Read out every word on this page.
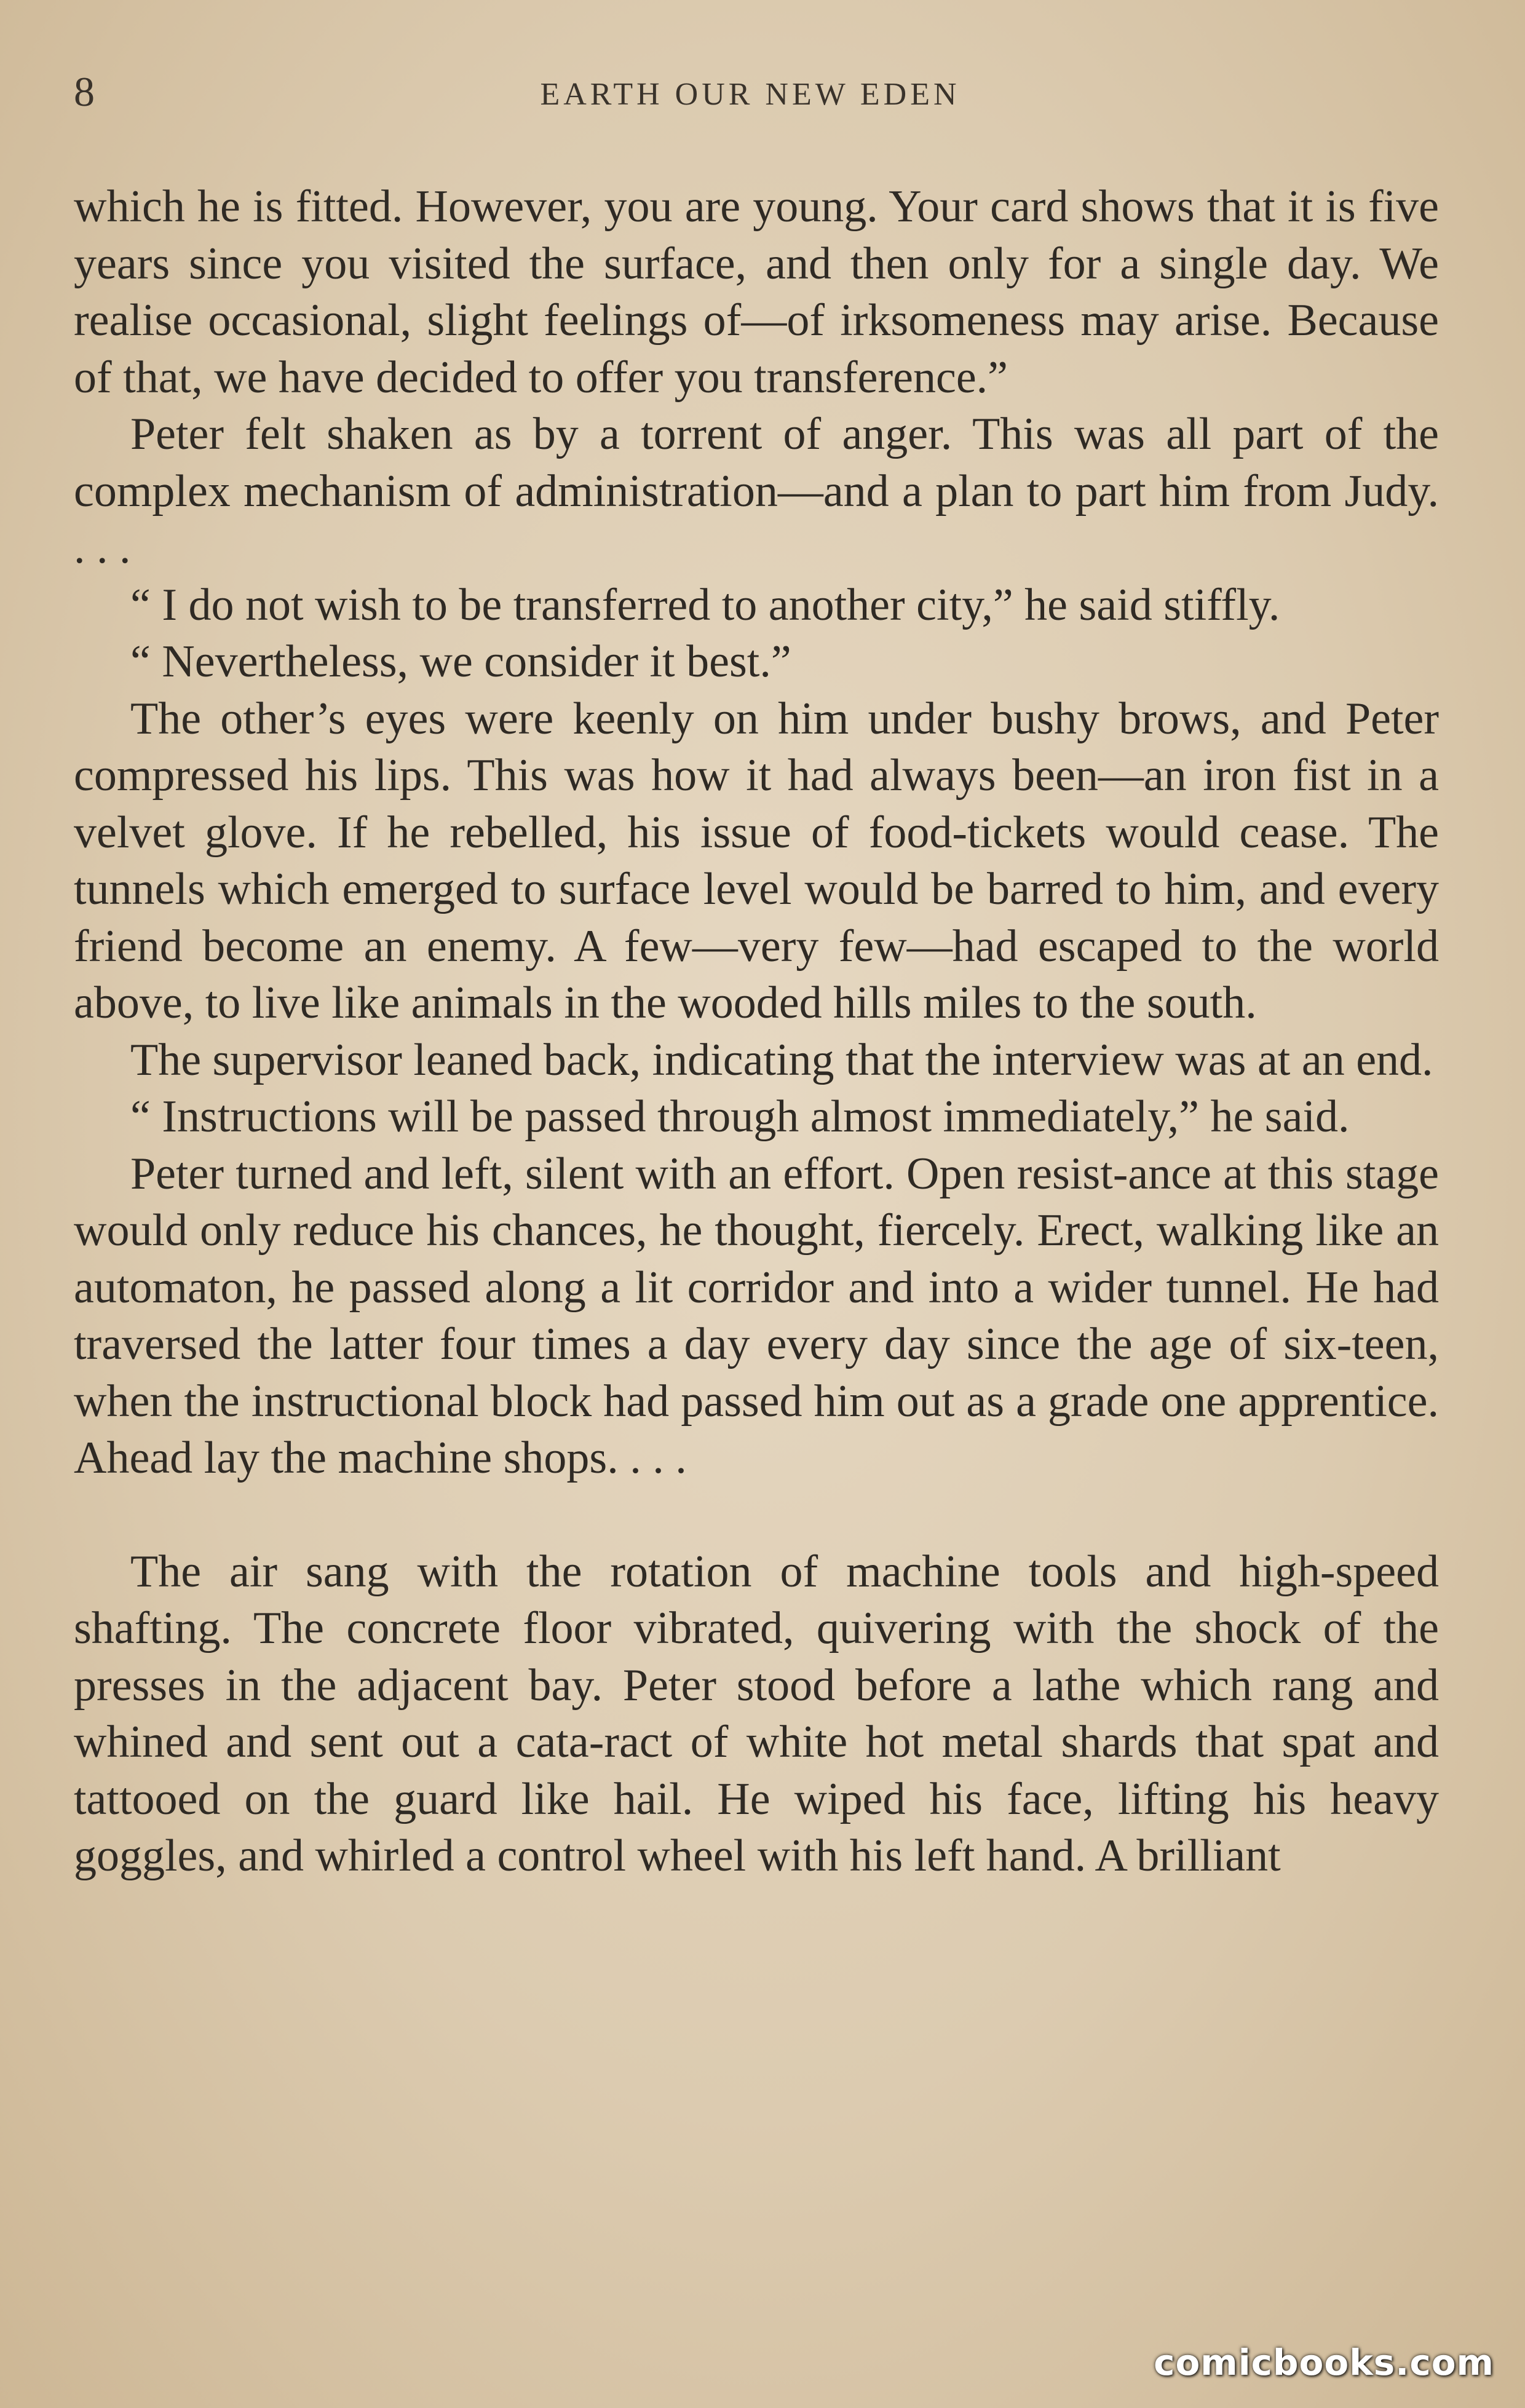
8	EARTH OUR NEW EDEN

which he is fitted. However, you are young. Your card shows that it is five years since you visited the surface, and then only for a single day. We realise occasional, slight feelings of—of irksomeness may arise. Because of that, we have decided to offer you transference.”

Peter felt shaken as by a torrent of anger. This was all part of the complex mechanism of administration—and a plan to part him from Judy. . . .

“ I do not wish to be transferred to another city,” he said stiffly.

“ Nevertheless, we consider it best.”

The other’s eyes were keenly on him under bushy brows, and Peter compressed his lips. This was how it had always been—an iron fist in a velvet glove. If he rebelled, his issue of food-tickets would cease. The tunnels which emerged to surface level would be barred to him, and every friend become an enemy. A few—very few—had escaped to the world above, to live like animals in the wooded hills miles to the south.

The supervisor leaned back, indicating that the interview was at an end.

“ Instructions will be passed through almost immediately,” he said.

Peter turned and left, silent with an effort. Open resist-ance at this stage would only reduce his chances, he thought, fiercely. Erect, walking like an automaton, he passed along a lit corridor and into a wider tunnel. He had traversed the latter four times a day every day since the age of six-teen, when the instructional block had passed him out as a grade one apprentice. Ahead lay the machine shops. . . .

The air sang with the rotation of machine tools and high-speed shafting. The concrete floor vibrated, quivering with the shock of the presses in the adjacent bay. Peter stood before a lathe which rang and whined and sent out a cata-ract of white hot metal shards that spat and tattooed on the guard like hail. He wiped his face, lifting his heavy goggles, and whirled a control wheel with his left hand. A brilliant

comicbooks.com
